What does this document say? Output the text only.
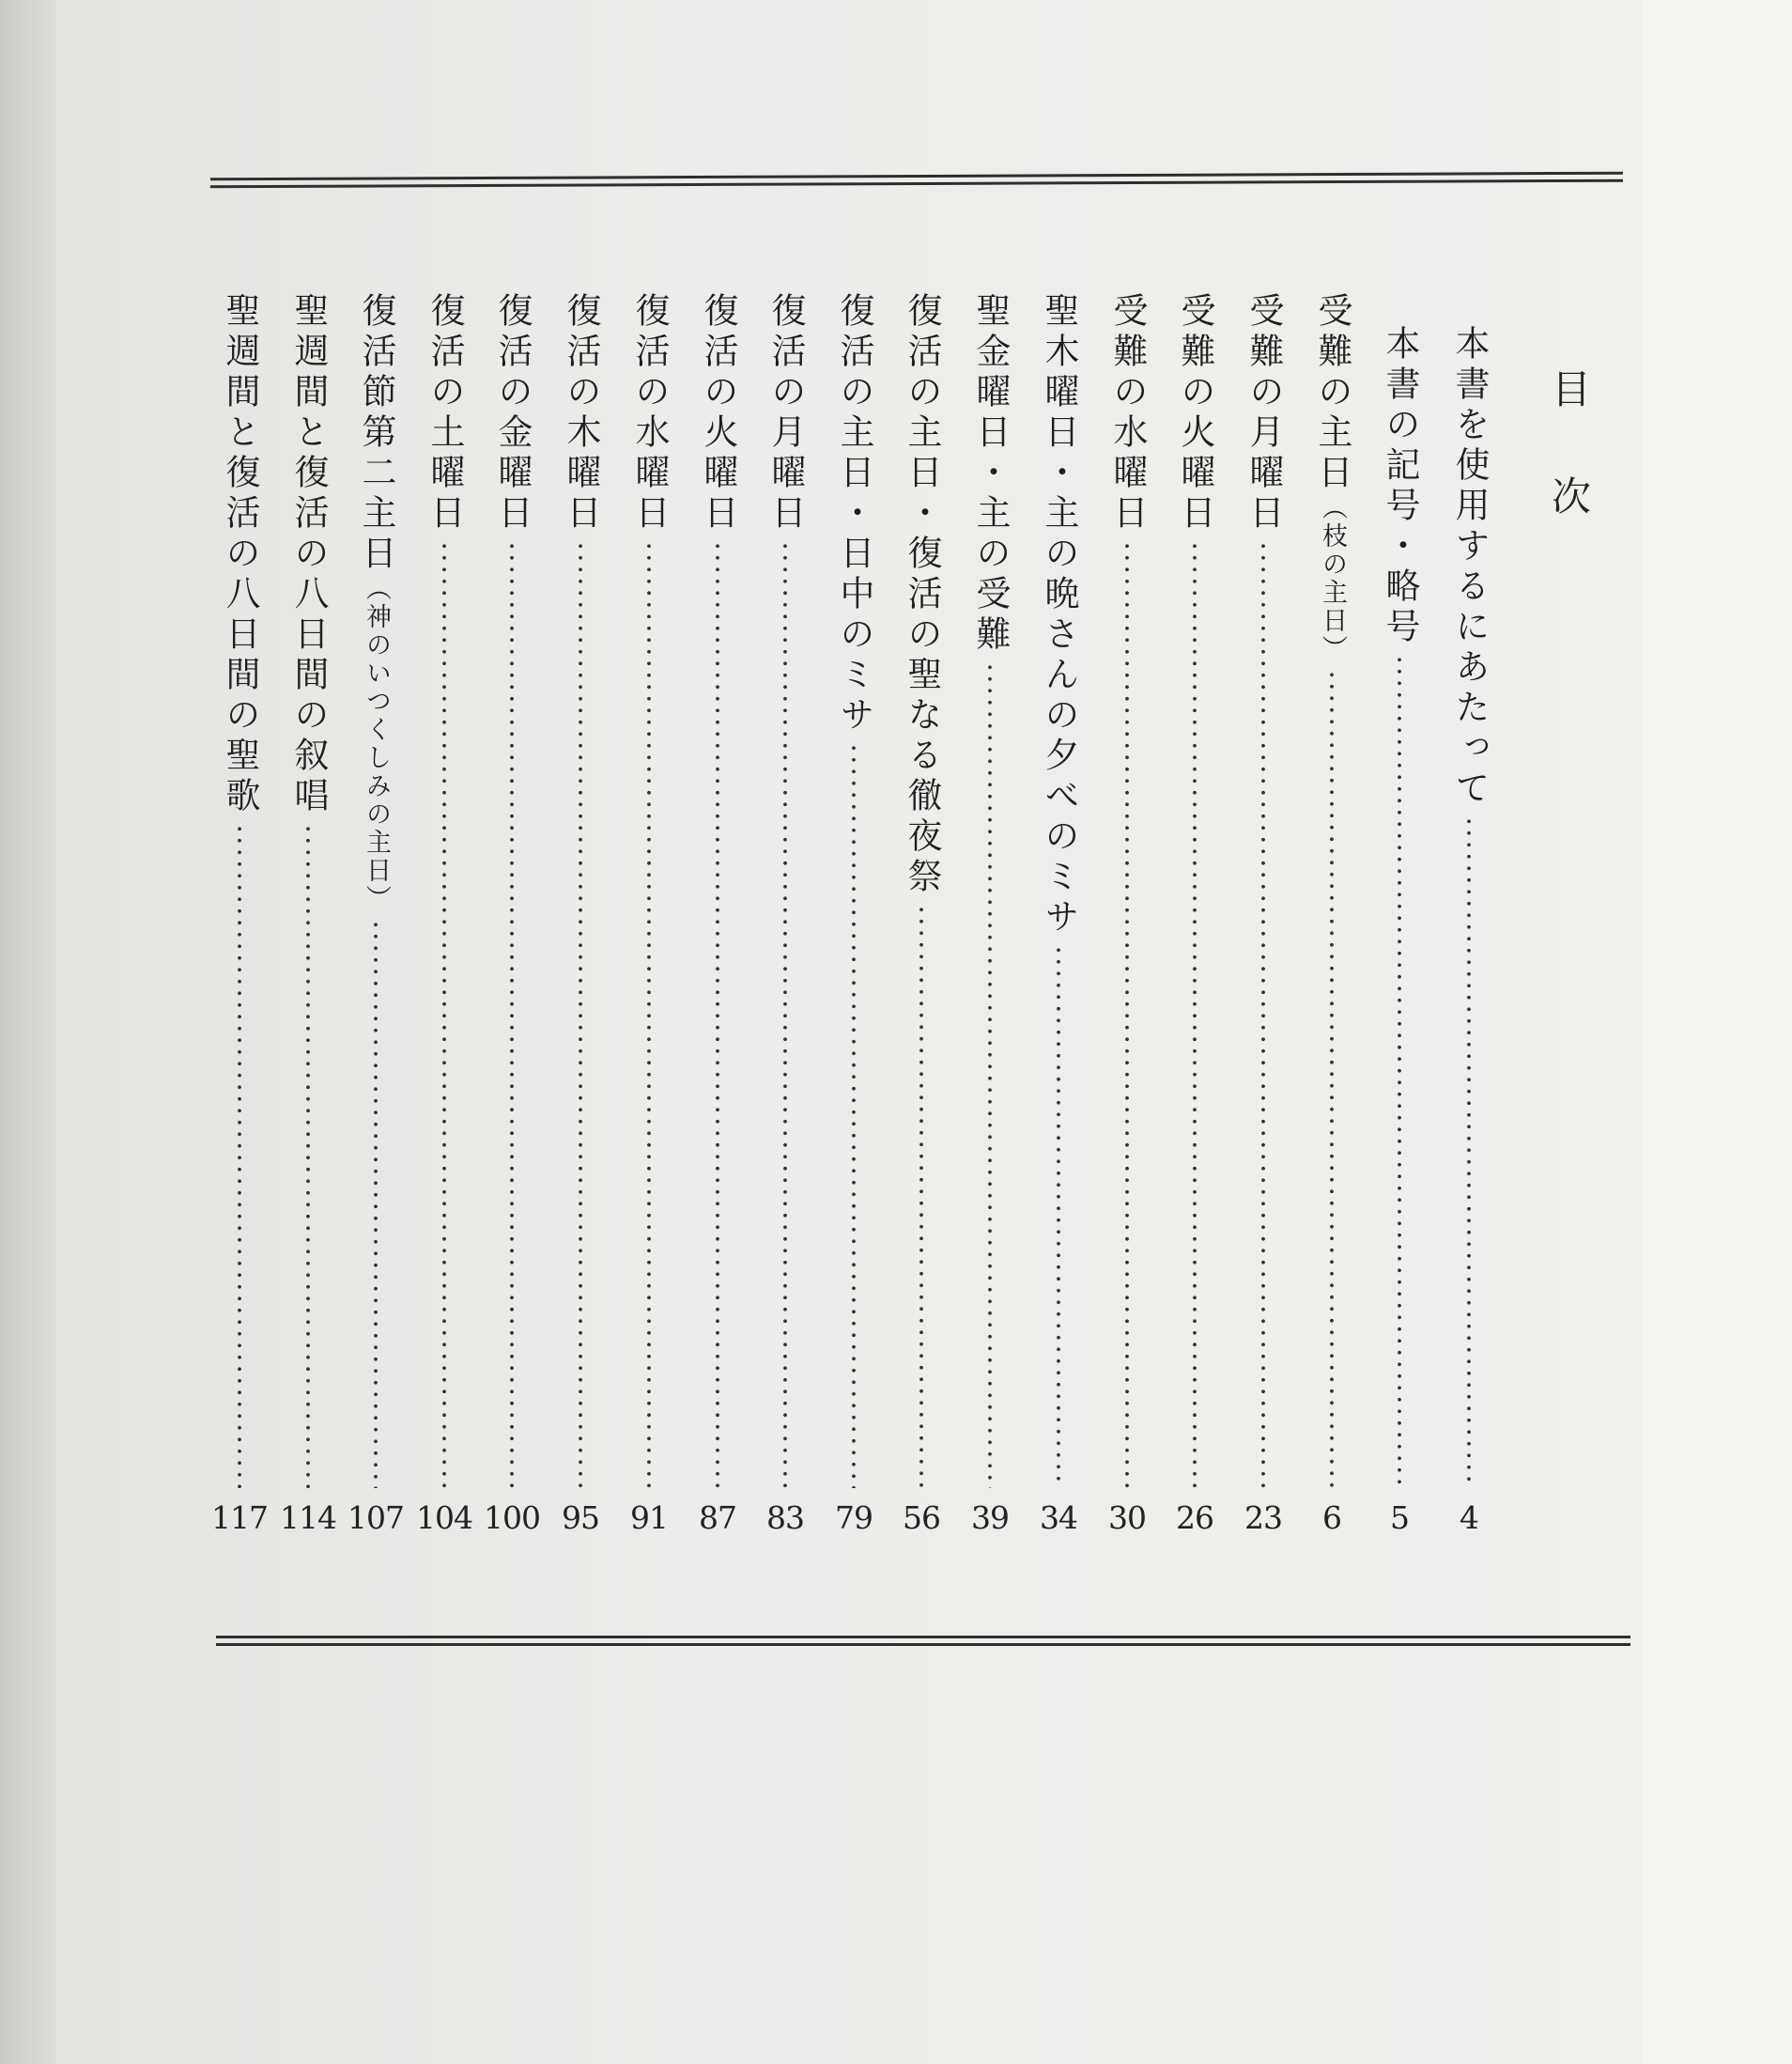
目次
本書を使用するにあたって
4
本書の記号・略号
5
受難の主日（枝の主日）
6
受難の月曜日
23
受難の火曜日
26
受難の水曜日
30
聖木曜日・主の晩さんの夕べのミサ
34
聖金曜日・主の受難
39
復活の主日・復活の聖なる徹夜祭
56
復活の主日・日中のミサ
79
復活の月曜日
83
復活の火曜日
87
復活の水曜日
91
復活の木曜日
95
復活の金曜日
100
復活の土曜日
104
復活節第二主日（神のいつくしみの主日）
107
聖週間と復活の八日間の叙唱
114
聖週間と復活の八日間の聖歌
117
